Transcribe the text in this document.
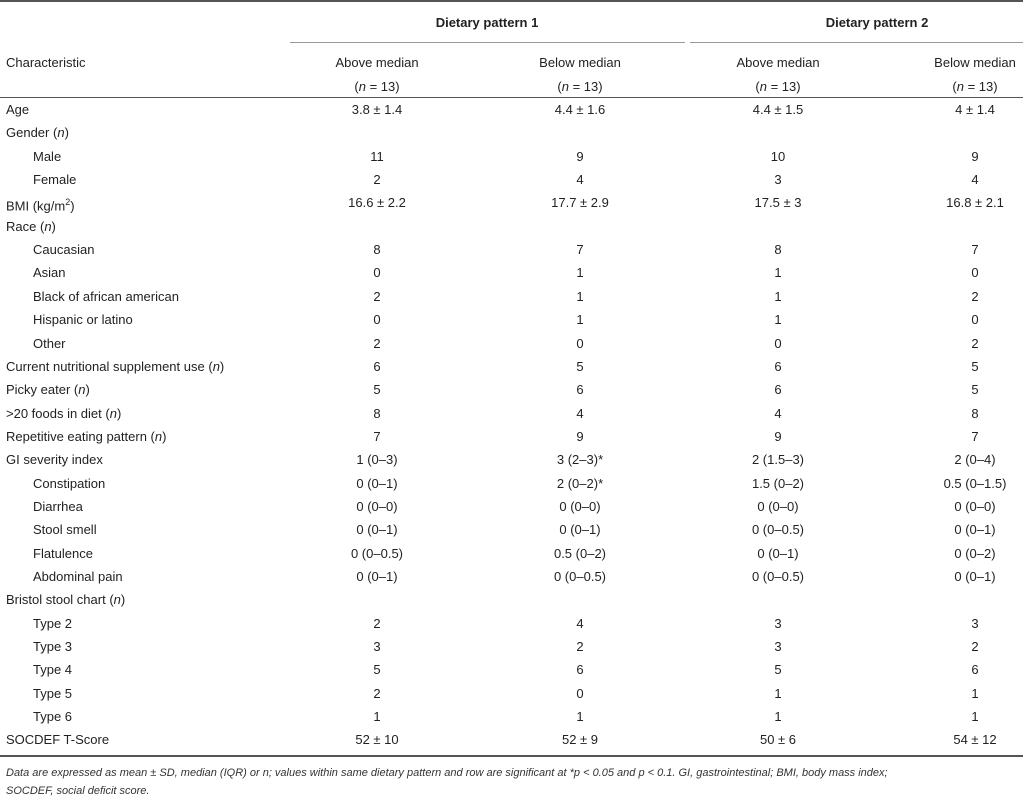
Dietary pattern 1	Dietary pattern 2
Characteristic	Above median	Below median	Above median	Below median
(n = 13)	(n = 13)	(n = 13)	(n = 13)
Age	3.8 ± 1.4	4.4 ± 1.6	4.4 ± 1.5	4 ± 1.4
Gender (n)
Male	11	9	10	9
Female	2	4	3	4
BMI $(kg/m^2)$	16.6 ± 2.2	17.7 ± 2.9	17.5 ± 3	16.8 ± 2.1
Race (n)
Caucasian	8	7	8	7
Asian	0	1	1	0
Black of african american	2	1	1	2
Hispanic or latino	0	1	1	0
Other	2	0	0	2
Current nutritional supplement use (n)	6	5	6	5
Picky eater (n)	5	6	6	5
>20 foods in diet (n)	8	4	4	8
Repetitive eating pattern (n)	7	9	9	7
GI severity index	1 (0–3)	3 (2–3)*	2 (1.5–3)	2 (0–4)
Constipation	0 (0–1)	2 (0–2)*	1.5 (0–2)	0.5 (0–1.5)
Diarrhea	0 (0–0)	0 (0–0)	0 (0–0)	0 (0–0)
Stool smell	0 (0–1)	0 (0–1)	0 (0–0.5)	0 (0–1)
Flatulence	0 (0–0.5)	0.5 (0–2)	0 (0–1)	0 (0–2)
Abdominal pain	0 (0–1)	0 (0–0.5)	0 (0–0.5)	0 (0–1)
Bristol stool chart (n)
Type 2	2	4	3	3
Type 3	3	2	3	2
Type 4	5	6	5	6
Type 5	2	0	1	1
Type 6	1	1	1	1
SOCDEF T-Score	52 ± 10	52 ± 9	50 ± 6	54 ± 12
Data are expressed as mean ± SD, median (IQR) or n; values within same dietary pattern and row are significant at *p < 0.05 and p < 0.1. GI, gastrointestinal; BMI, body mass index;
SOCDEF, social deficit score.
